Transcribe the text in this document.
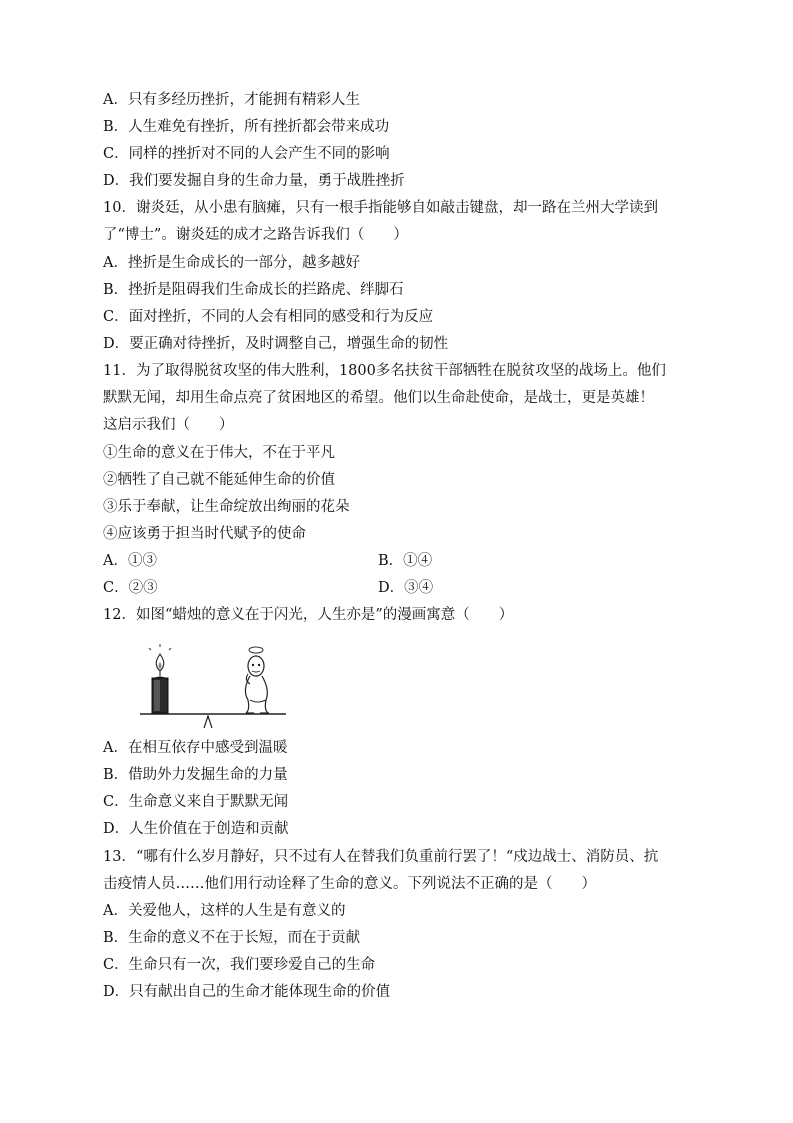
A．只有多经历挫折，才能拥有精彩人生
B．人生难免有挫折，所有挫折都会带来成功
C．同样的挫折对不同的人会产生不同的影响
D．我们要发掘自身的生命力量，勇于战胜挫折
10．谢炎廷，从小患有脑瘫，只有一根手指能够自如敲击键盘，却一路在兰州大学读到
了“博士”。谢炎廷的成才之路告诉我们（　　）
A．挫折是生命成长的一部分，越多越好
B．挫折是阻碍我们生命成长的拦路虎、绊脚石
C．面对挫折，不同的人会有相同的感受和行为反应
D．要正确对待挫折，及时调整自己，增强生命的韧性
11．为了取得脱贫攻坚的伟大胜利，1800多名扶贫干部牺牲在脱贫攻坚的战场上。他们
默默无闻，却用生命点亮了贫困地区的希望。他们以生命赴使命，是战士，更是英雄！
这启示我们（　　）
①生命的意义在于伟大，不在于平凡
②牺牲了自己就不能延伸生命的价值
③乐于奉献，让生命绽放出绚丽的花朵
④应该勇于担当时代赋予的使命
A．①③	B．①④
C．②③	D．③④
12．如图“蜡烛的意义在于闪光，人生亦是”的漫画寓意（　　）
A．在相互依存中感受到温暖
B．借助外力发掘生命的力量
C．生命意义来自于默默无闻
D．人生价值在于创造和贡献
13．“哪有什么岁月静好，只不过有人在替我们负重前行罢了！“戍边战士、消防员、抗
击疫情人员……他们用行动诠释了生命的意义。下列说法不正确的是（　　）
A．关爱他人，这样的人生是有意义的
B．生命的意义不在于长短，而在于贡献
C．生命只有一次，我们要珍爱自己的生命
D．只有献出自己的生命才能体现生命的价值
